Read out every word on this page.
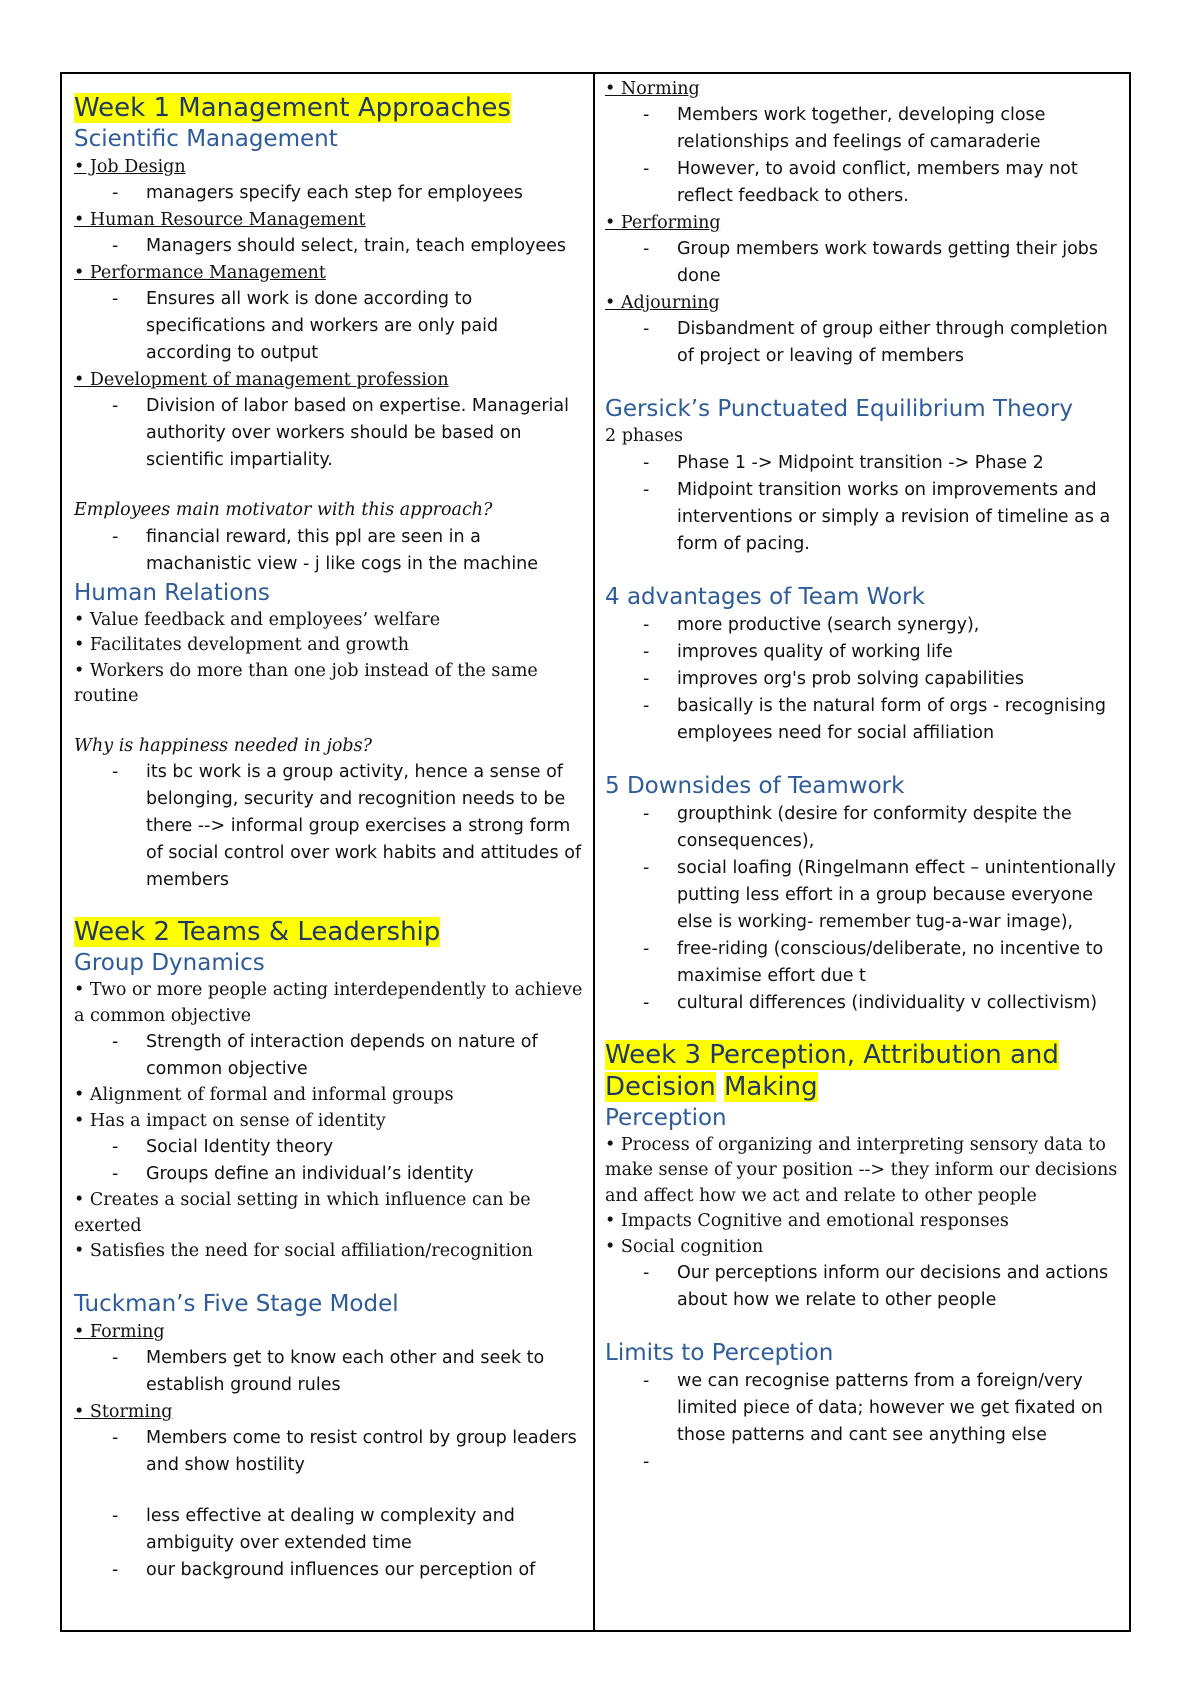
Week 1 Management Approaches

Scientific Management

• Job Design

- managers specify each step for employees

• Human Resource Management

- Managers should select, train, teach employees

• Performance Management

- Ensures all work is done according to specifications and workers are only paid according to output

• Development of management profession

- Division of labor based on expertise. Managerial authority over workers should be based on scientific impartiality.

Employees main motivator with this approach?

- financial reward, this ppl are seen in a machanistic view - j like cogs in the machine

Human Relations

• Value feedback and employees’ welfare

• Facilitates development and growth

• Workers do more than one job instead of the same routine

Why is happiness needed in jobs?

- its bc work is a group activity, hence a sense of belonging, security and recognition needs to be there --> informal group exercises a strong form of social control over work habits and attitudes of members

Week 2 Teams & Leadership

Group Dynamics

• Two or more people acting interdependently to achieve a common objective

- Strength of interaction depends on nature of common objective

• Alignment of formal and informal groups

• Has a impact on sense of identity

- Social Identity theory
- Groups define an individual’s identity

• Creates a social setting in which influence can be exerted

• Satisfies the need for social affiliation/recognition

Tuckman’s Five Stage Model

• Forming

- Members get to know each other and seek to establish ground rules

• Storming

- Members come to resist control by group leaders and show hostility
- less effective at dealing w complexity and ambiguity over extended time
- our background influences our perception of

• Norming

- Members work together, developing close relationships and feelings of camaraderie
- However, to avoid conflict, members may not reflect feedback to others.

• Performing

- Group members work towards getting their jobs done

• Adjourning

- Disbandment of group either through completion of project or leaving of members

Gersick’s Punctuated Equilibrium Theory

2 phases

- Phase 1 -> Midpoint transition -> Phase 2
- Midpoint transition works on improvements and interventions or simply a revision of timeline as a form of pacing.

4 advantages of Team Work

- more productive (search synergy),
- improves quality of working life
- improves org's prob solving capabilities
- basically is the natural form of orgs - recognising employees need for social affiliation

5 Downsides of Teamwork

- groupthink (desire for conformity despite the consequences),
- social loafing (Ringelmann effect – unintentionally putting less effort in a group because everyone else is working- remember tug-a-war image),
- free-riding (conscious/deliberate, no incentive to maximise effort due t
- cultural differences (individuality v collectivism)

Week 3 Perception, Attribution and
Decision Making

Perception

• Process of organizing and interpreting sensory data to make sense of your position --> they inform our decisions and affect how we act and relate to other people

• Impacts Cognitive and emotional responses

• Social cognition

- Our perceptions inform our decisions and actions about how we relate to other people

Limits to Perception

- we can recognise patterns from a foreign/very limited piece of data; however we get fixated on those patterns and cant see anything else
-
